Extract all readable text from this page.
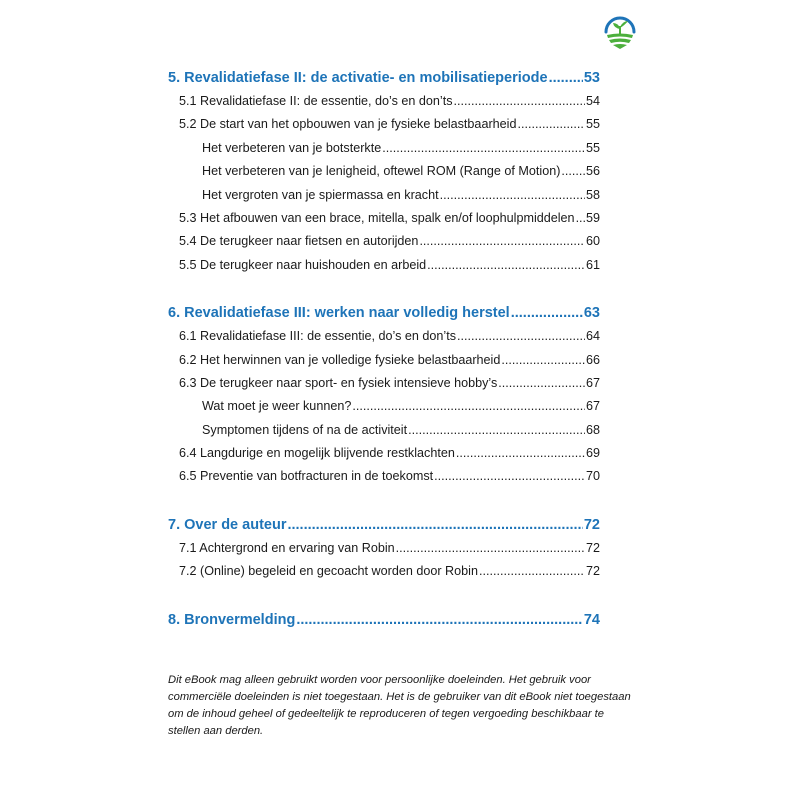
5. Revalidatiefase II: de activatie- en mobilisatieperiode .....	53
5.1 Revalidatiefase II: de essentie, do’s en don’ts .....	54
5.2 De start van het opbouwen van je fysieke belastbaarheid .....	55
Het verbeteren van je botsterkte .....	55
Het verbeteren van je lenigheid, oftewel ROM (Range of Motion) ..... 56
Het vergroten van je spiermassa en kracht .....	58
5.3 Het afbouwen van een brace, mitella, spalk en/of loophulpmiddelen ..... 59
5.4 De terugkeer naar fietsen en autorijden .....	60
5.5 De terugkeer naar huishouden en arbeid .....	61
6. Revalidatiefase III: werken naar volledig herstel .....	63
6.1 Revalidatiefase III: de essentie, do’s en don’ts .....	64
6.2 Het herwinnen van je volledige fysieke belastbaarheid .....	66
6.3 De terugkeer naar sport- en fysiek intensieve hobby’s .....	67
Wat moet je weer kunnen? .....	67
Symptomen tijdens of na de activiteit .....	68
6.4 Langdurige en mogelijk blijvende restklachten .....	69
6.5 Preventie van botfracturen in de toekomst .....	70
7. Over de auteur .....	72
7.1 Achtergrond en ervaring van Robin .....	72
7.2 (Online) begeleid en gecoacht worden door Robin .....	72
8. Bronvermelding .....	74

Dit eBook mag alleen gebruikt worden voor persoonlijke doeleinden. Het gebruik voor commerciële doeleinden is niet toegestaan. Het is de gebruiker van dit eBook niet toegestaan om de inhoud geheel of gedeeltelijk te reproduceren of tegen vergoeding beschikbaar te stellen aan derden.
